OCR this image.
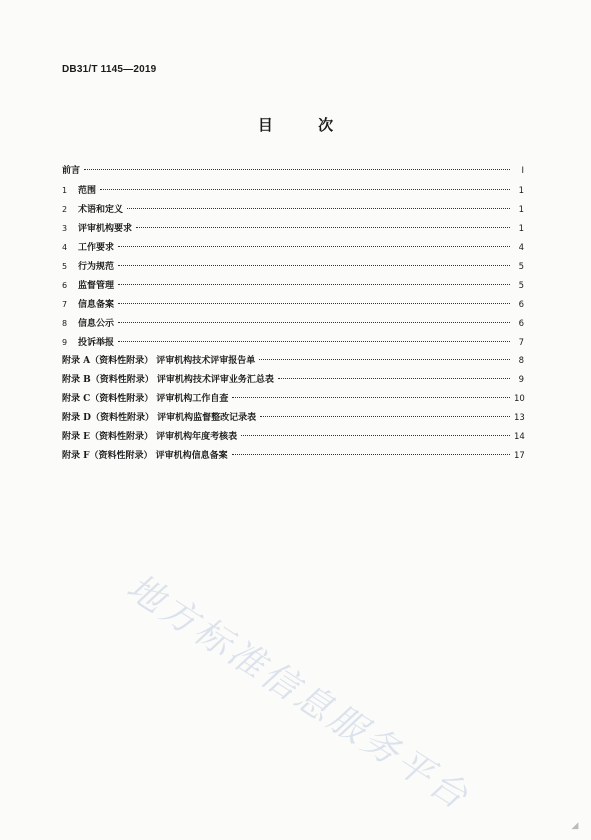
DB31/T 1145—2019
目 次
前言	I
1	范围	1
2	术语和定义	1
3	评审机构要求	1
4	工作要求	4
5	行为规范	5
6	监督管理	5
7	信息备案	6
8	信息公示	6
9	投诉举报	7
附录 A（资料性附录） 评审机构技术评审报告单	8
附录 B（资料性附录） 评审机构技术评审业务汇总表	9
附录 C（资料性附录） 评审机构工作自查	10
附录 D（资料性附录） 评审机构监督整改记录表	13
附录 E（资料性附录） 评审机构年度考核表	14
附录 F（资料性附录） 评审机构信息备案	17
地方标准信息服务平台
◢
